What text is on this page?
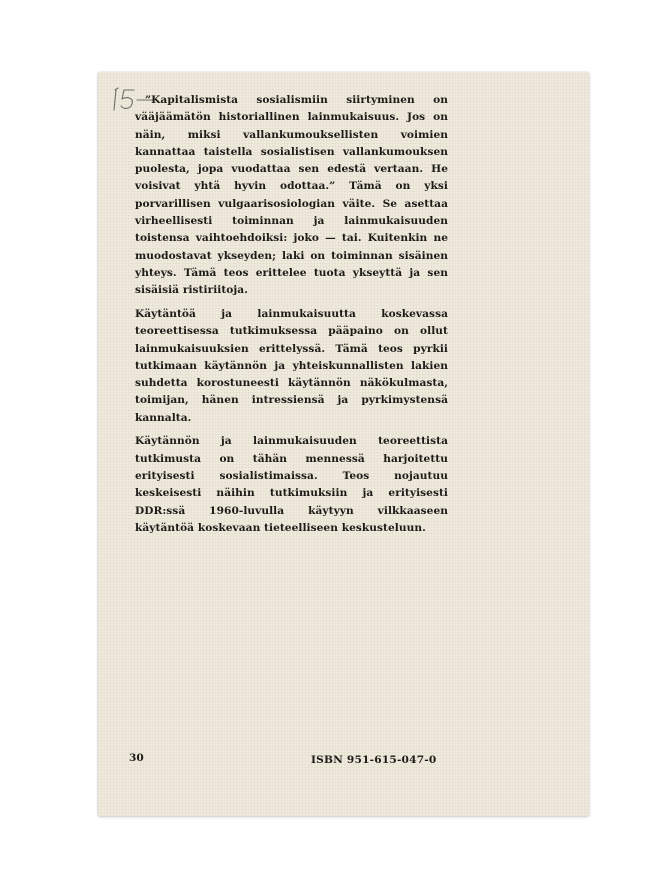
”Kapitalismista sosialismiin siirtyminen on vääjäämätön historiallinen lainmukaisuus. Jos on näin, miksi vallankumouksellisten voimien kannattaa taistella sosialistisen vallankumouksen puolesta, jopa vuodattaa sen edestä vertaan. He voisivat yhtä hyvin odottaa.” Tämä on yksi porvarillisen vulgaarisosiologian väite. Se asettaa virheellisesti toiminnan ja lainmukaisuuden toistensa vaihtoehdoiksi: joko — tai. Kuitenkin ne muodostavat ykseyden; laki on toiminnan sisäinen yhteys. Tämä teos erittelee tuota ykseyttä ja sen sisäisiä ristiriitoja.

Käytäntöä ja lainmukaisuutta koskevassa teoreettisessa tutkimuksessa pääpaino on ollut lainmukaisuuksien erittelyssä. Tämä teos pyrkii tutkimaan käytännön ja yhteiskunnallisten lakien suhdetta korostuneesti käytännön näkökulmasta, toimijan, hänen intressiensä ja pyrkimystensä kannalta.

Käytännön ja lainmukaisuuden teoreettista tutkimusta on tähän mennessä harjoitettu erityisesti sosialistimaissa. Teos nojautuu keskeisesti näihin tutkimuksiin ja erityisesti DDR:ssä 1960-luvulla käytyyn vilkkaaseen käytäntöä koskevaan tieteelliseen keskusteluun.

30	ISBN 951-615-047-0
